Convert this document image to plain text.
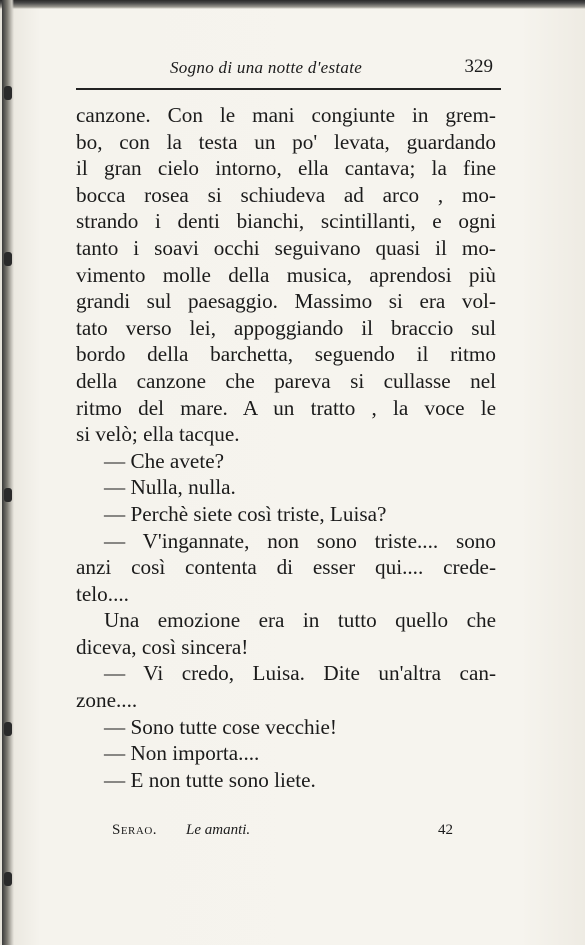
Sogno di una notte d'estate	329
canzone. Con le mani congiunte in grem-
bo, con la testa un po' levata, guardando
il gran cielo intorno, ella cantava; la fine
bocca rosea si schiudeva ad arco , mo-
strando i denti bianchi, scintillanti, e ogni
tanto i soavi occhi seguivano quasi il mo-
vimento molle della musica, aprendosi più
grandi sul paesaggio. Massimo si era vol-
tato verso lei, appoggiando il braccio sul
bordo della barchetta, seguendo il ritmo
della canzone che pareva si cullasse nel
ritmo del mare. A un tratto , la voce le
si velò; ella tacque.
— Che avete?
— Nulla, nulla.
— Perchè siete così triste, Luisa?
— V'ingannate, non sono triste.... sono
anzi così contenta di esser qui.... crede-
telo....
Una emozione era in tutto quello che
diceva, così sincera!
— Vi credo, Luisa. Dite un'altra can-
zone....
— Sono tutte cose vecchie!
— Non importa....
— E non tutte sono liete.
Serao. Le amanti.	42
